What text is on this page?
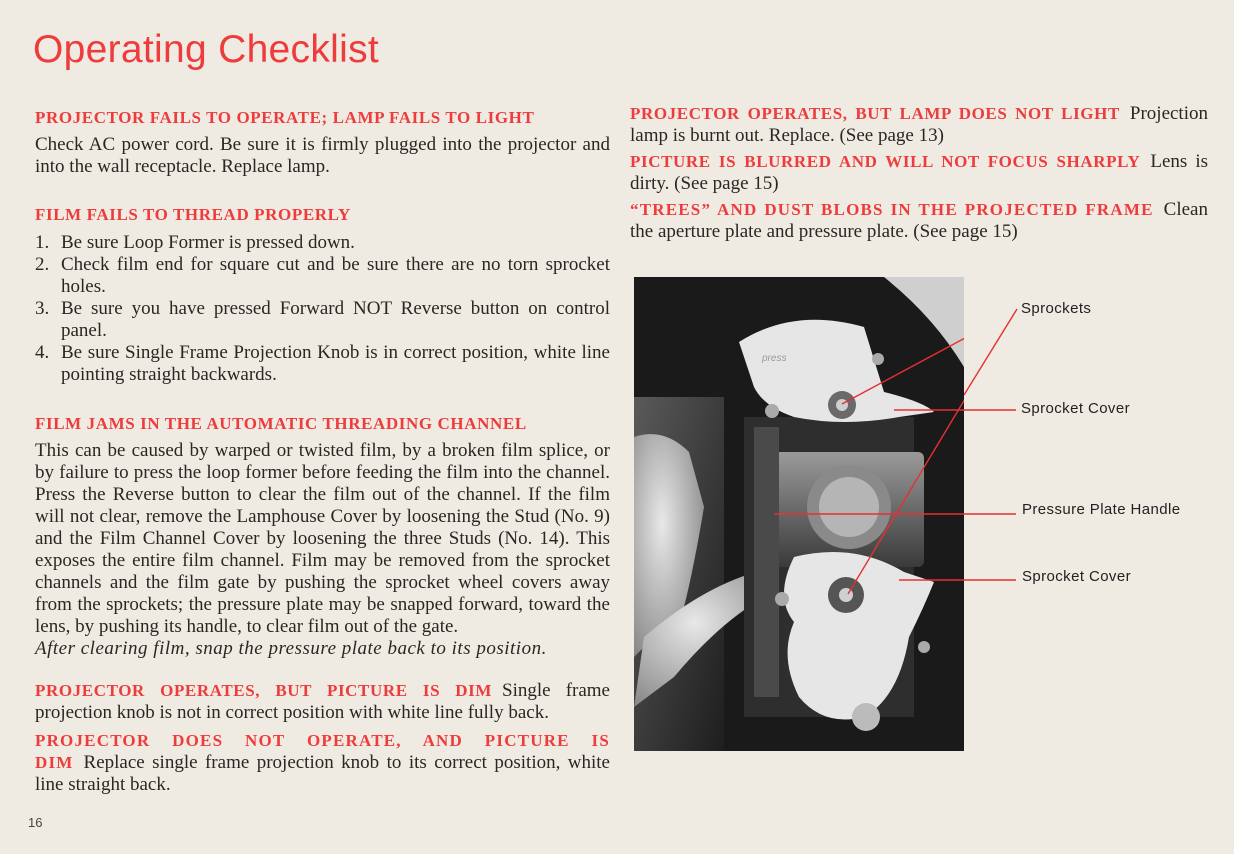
Operating Checklist
PROJECTOR FAILS TO OPERATE; LAMP FAILS TO LIGHT
Check AC power cord. Be sure it is firmly plugged into the projector and into the wall receptacle. Replace lamp.
FILM FAILS TO THREAD PROPERLY
1. Be sure Loop Former is pressed down.
2. Check film end for square cut and be sure there are no torn sprocket holes.
3. Be sure you have pressed Forward NOT Reverse button on control panel.
4. Be sure Single Frame Projection Knob is in correct position, white line pointing straight backwards.
FILM JAMS IN THE AUTOMATIC THREADING CHANNEL
This can be caused by warped or twisted film, by a broken film splice, or by failure to press the loop former before feeding the film into the channel. Press the Reverse button to clear the film out of the channel. If the film will not clear, remove the Lamphouse Cover by loosening the Stud (No. 9) and the Film Channel Cover by loosening the three Studs (No. 14). This exposes the entire film channel. Film may be removed from the sprocket channels and the film gate by pushing the sprocket wheel covers away from the sprockets; the pressure plate may be snapped forward, toward the lens, by pushing its handle, to clear film out of the gate.
After clearing film, snap the pressure plate back to its position.
PROJECTOR OPERATES, BUT PICTURE IS DIM Single frame projection knob is not in correct position with white line fully back.
PROJECTOR DOES NOT OPERATE, AND PICTURE IS DIM Replace single frame projection knob to its correct position, white line straight back.
PROJECTOR OPERATES, BUT LAMP DOES NOT LIGHT Projection lamp is burnt out. Replace. (See page 13)
PICTURE IS BLURRED AND WILL NOT FOCUS SHARPLY Lens is dirty. (See page 15)
“TREES” AND DUST BLOBS IN THE PROJECTED FRAME Clean the aperture plate and pressure plate. (See page 15)
press
Sprockets
Sprocket Cover
Pressure Plate Handle
Sprocket Cover
16
